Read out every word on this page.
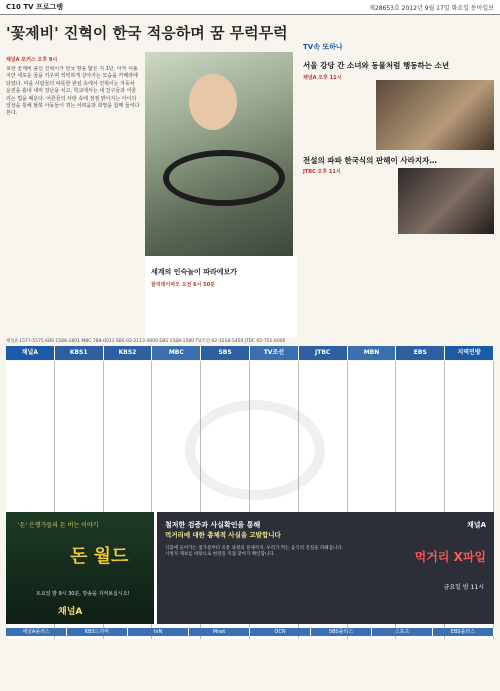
C10 TV 프로그램	제28653호 2012년 9월 17일 화요일 동아일보
'꽃제비' 진혁이 한국 적응하며 꿈 무럭무럭
채널A 포커스 오후 9시
북한 꽃제비 출신 진혁이가 한국 땅을 밟은 지 1년. 아직 서툴지만 새로운 꿈을 키우며 씩씩하게 살아가는 모습을 카메라에 담았다. 마을 사람들의 따뜻한 관심 속에서 진혁이는 자동차 운전을 흉내 내며 장난을 치고, 학교에서는 새 친구들과 어울리는 법을 배운다. 어른들의 사랑 속에 점점 밝아지는 아이의 일상을 통해 탈북 아동들이 겪는 어려움과 희망을 함께 들여다본다.
세계의 인숙놀이 파라에보가
꿀리데이파오 오전 6시 50분
TV속 또하나
서울 강당 간 소녀와 동물처럼 행동하는 소년
채널A 오후 11시
전설의 파파 한국식의 판해이 사라지자…
JTBC 오후 11시
채널A 1577-5575 KBS 1588-1801 MBC 789-0011 SBS 02-2113-3000 EBS 1588-1580 TV조선 02-3218-5450 JTBC 02-751-6000
채널A	KBS1	KBS2	MBC	SBS	TV조선	JTBC	MBN	EBS	지역민방
'돈' 은행가들의 돈 버는 이야기
돈 월드
토요일 밤 9시 30분, 방송을 지켜보십시오!
채널A
철저한 검증과 사실확인을 통해
먹거리에 대한 총체적 사실을 고발합니다
식품에 들어가는 첨가물부터 유통 과정의 문제까지, 우리가 먹는 음식의 진실을 파헤칩니다. 시청자 제보를 바탕으로 현장을 직접 찾아가 확인합니다.
채널A
먹거리 X파일
금요일 밤 11시
채널A플러스	KBS드라마	tvN	Mnet	OCN	SBS플러스	스포츠	EBS플러스
